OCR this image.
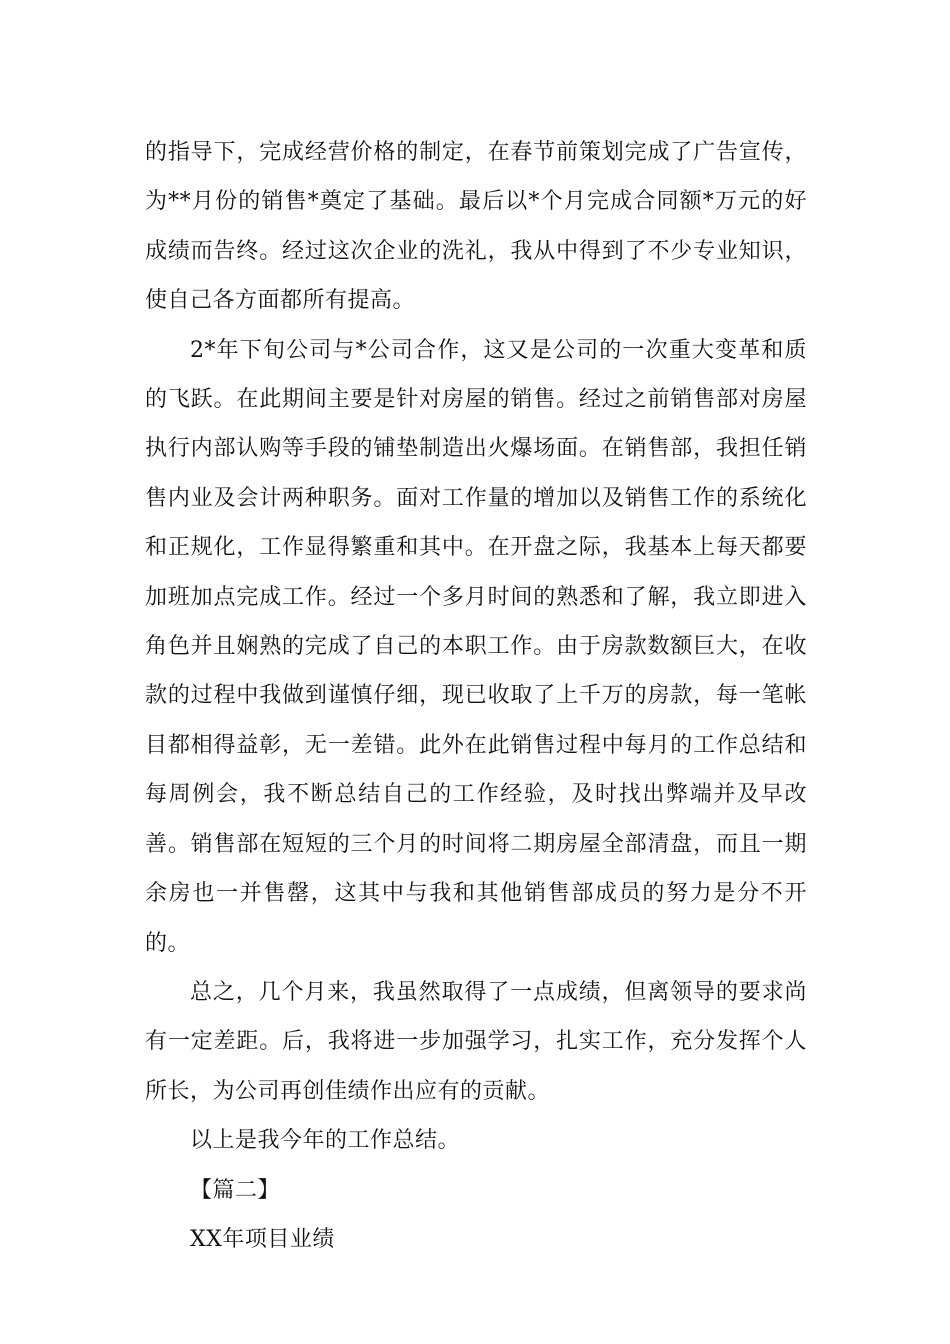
的指导下，完成经营价格的制定，在春节前策划完成了广告宣传，为**月份的销售*奠定了基础。最后以*个月完成合同额*万元的好成绩而告终。经过这次企业的洗礼，我从中得到了不少专业知识，使自己各方面都所有提高。

2*年下旬公司与*公司合作，这又是公司的一次重大变革和质的飞跃。在此期间主要是针对房屋的销售。经过之前销售部对房屋执行内部认购等手段的铺垫制造出火爆场面。在销售部，我担任销售内业及会计两种职务。面对工作量的增加以及销售工作的系统化和正规化，工作显得繁重和其中。在开盘之际，我基本上每天都要加班加点完成工作。经过一个多月时间的熟悉和了解，我立即进入角色并且娴熟的完成了自己的本职工作。由于房款数额巨大，在收款的过程中我做到谨慎仔细，现已收取了上千万的房款，每一笔帐目都相得益彰，无一差错。此外在此销售过程中每月的工作总结和每周例会，我不断总结自己的工作经验，及时找出弊端并及早改善。销售部在短短的三个月的时间将二期房屋全部清盘，而且一期余房也一并售罄，这其中与我和其他销售部成员的努力是分不开的。

总之，几个月来，我虽然取得了一点成绩，但离领导的要求尚有一定差距。后，我将进一步加强学习，扎实工作，充分发挥个人所长，为公司再创佳绩作出应有的贡献。

以上是我今年的工作总结。

【篇二】

XX年项目业绩
